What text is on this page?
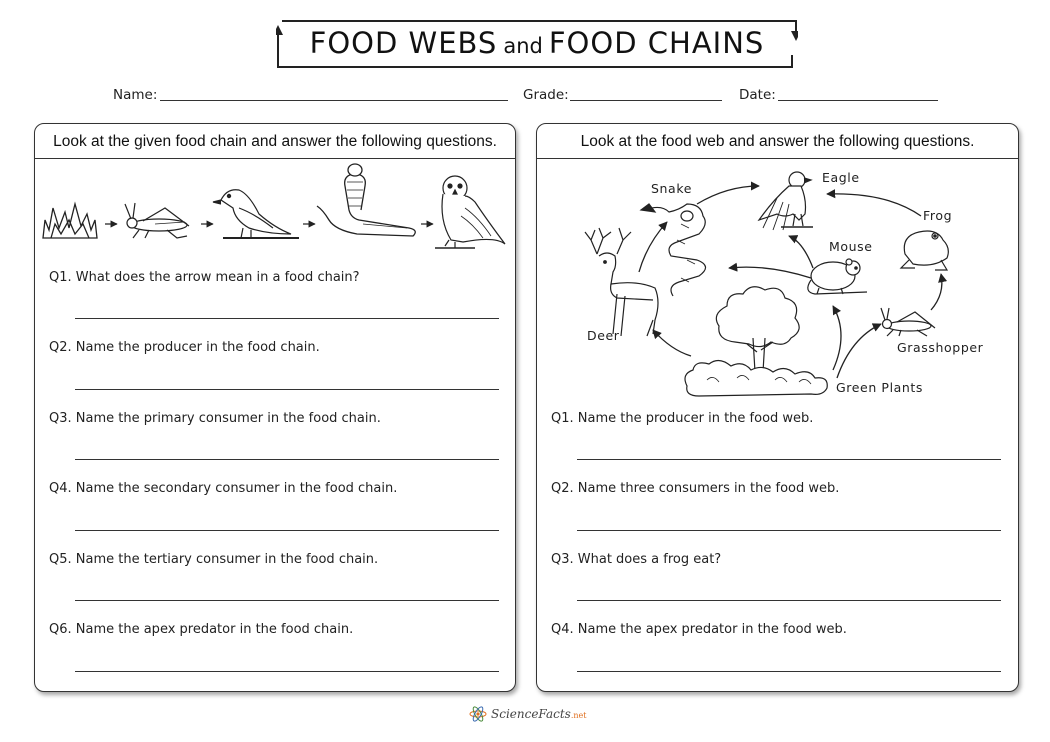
FOOD WEBS and FOOD CHAINS
Name:	Grade:	Date:
Look at the given food chain and answer the following questions.
Q1. What does the arrow mean in a food chain?
Q2. Name the producer in the food chain.
Q3. Name the primary consumer in the food chain.
Q4. Name the secondary consumer in the food chain.
Q5. Name the tertiary consumer in the food chain.
Q6. Name the apex predator in the food chain.
Look at the food web and answer the following questions.
Eagle
Snake
Frog
Mouse
Deer
Grasshopper
Green Plants
Q1. Name the producer in the food web.
Q2. Name three consumers in the food web.
Q3. What does a frog eat?
Q4. Name the apex predator in the food web.
ScienceFacts.net
